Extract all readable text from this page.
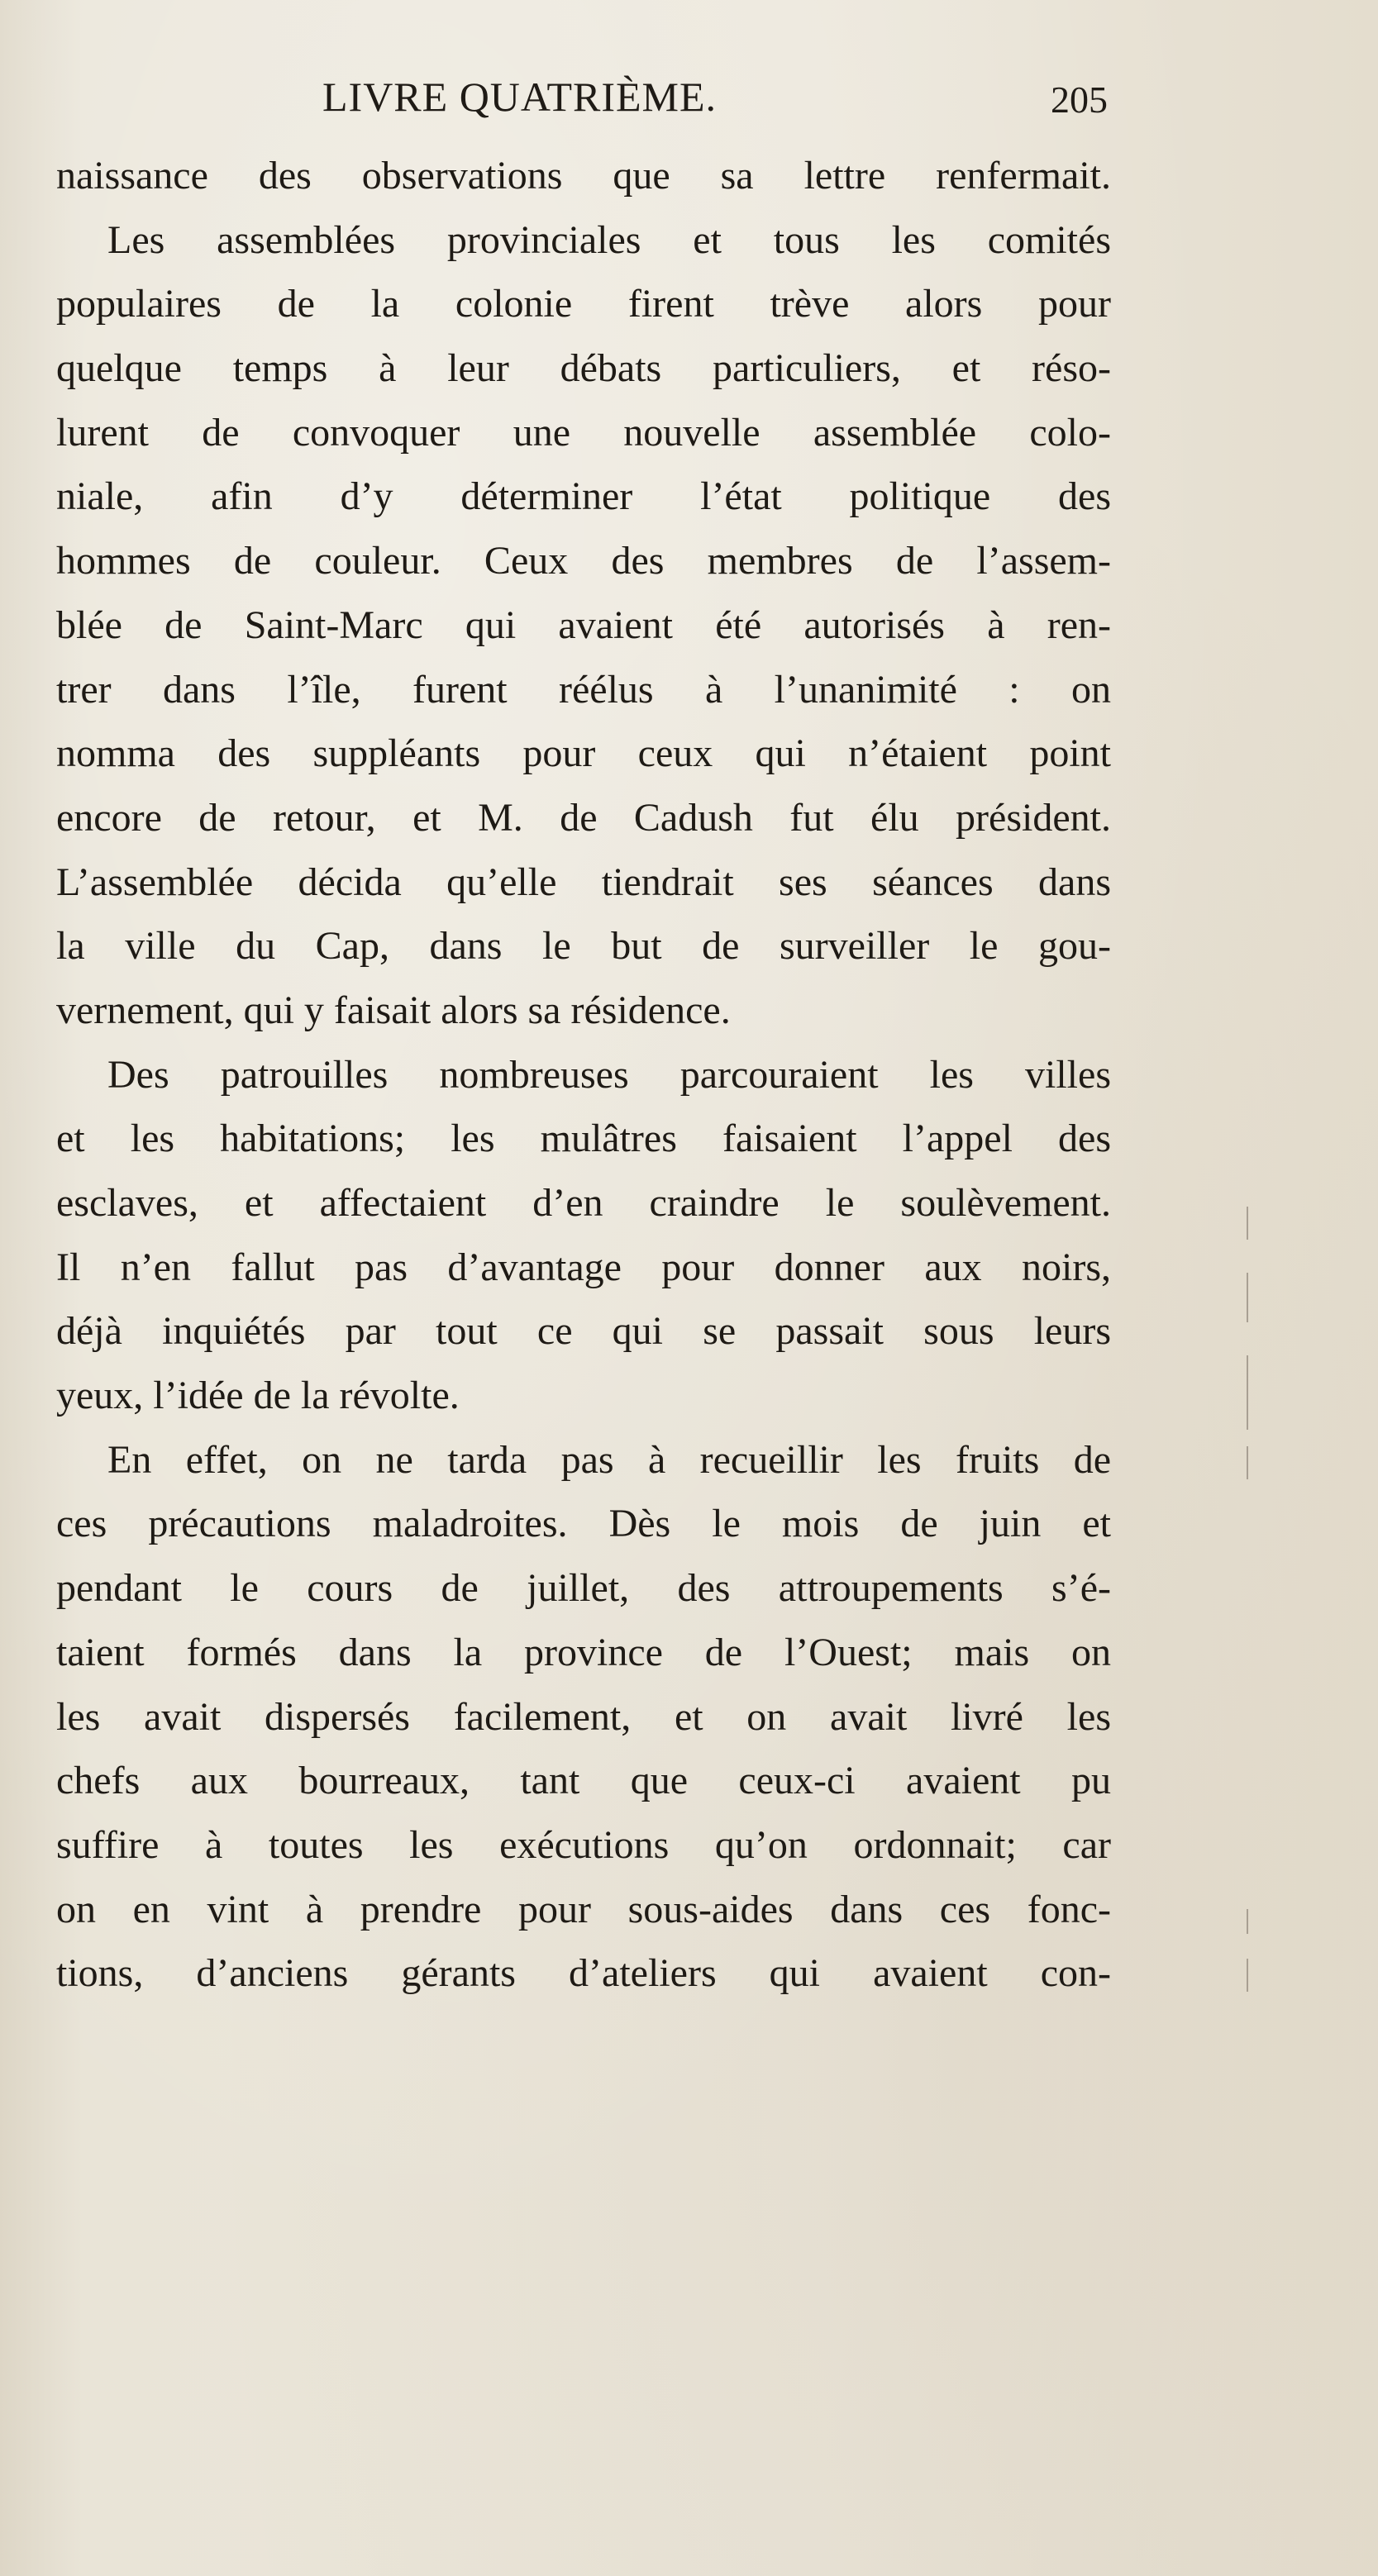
LIVRE QUATRIÈME.	205
naissance des observations que sa lettre renfermait.
Les assemblées provinciales et tous les comités
populaires de la colonie firent trève alors pour
quelque temps à leur débats particuliers, et réso-
lurent de convoquer une nouvelle assemblée colo-
niale, afin d’y déterminer l’état politique des
hommes de couleur. Ceux des membres de l’assem-
blée de Saint-Marc qui avaient été autorisés à ren-
trer dans l’île, furent réélus à l’unanimité : on
nomma des suppléants pour ceux qui n’étaient point
encore de retour, et M. de Cadush fut élu président.
L’assemblée décida qu’elle tiendrait ses séances dans
la ville du Cap, dans le but de surveiller le gou-
vernement, qui y faisait alors sa résidence.
Des patrouilles nombreuses parcouraient les villes
et les habitations; les mulâtres faisaient l’appel des
esclaves, et affectaient d’en craindre le soulèvement.
Il n’en fallut pas d’avantage pour donner aux noirs,
déjà inquiétés par tout ce qui se passait sous leurs
yeux, l’idée de la révolte.
En effet, on ne tarda pas à recueillir les fruits de
ces précautions maladroites. Dès le mois de juin et
pendant le cours de juillet, des attroupements s’é-
taient formés dans la province de l’Ouest; mais on
les avait dispersés facilement, et on avait livré les
chefs aux bourreaux, tant que ceux-ci avaient pu
suffire à toutes les exécutions qu’on ordonnait; car
on en vint à prendre pour sous-aides dans ces fonc-
tions, d’anciens gérants d’ateliers qui avaient con-
